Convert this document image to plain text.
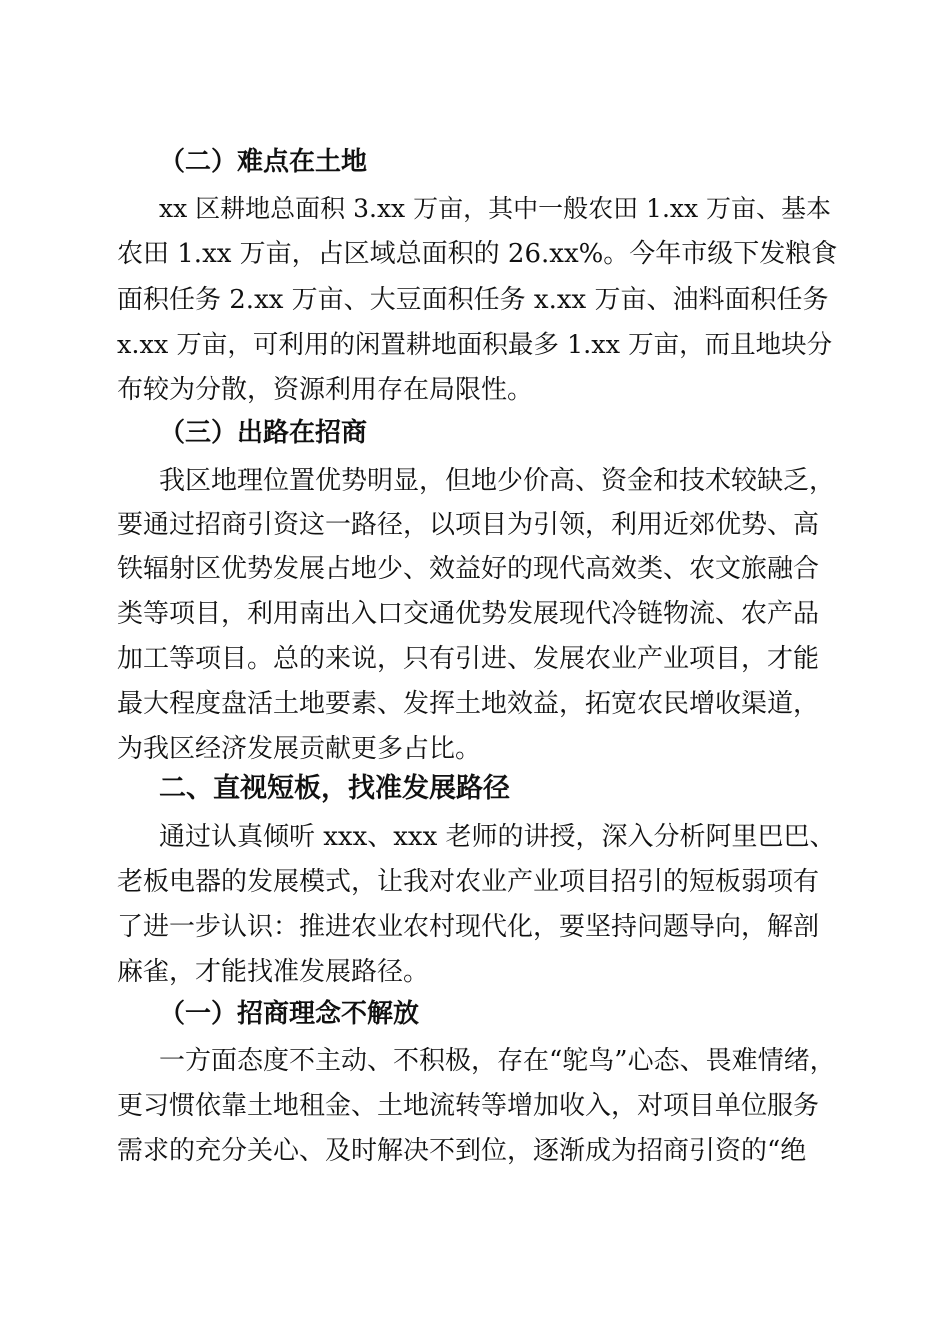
（二）难点在土地
xx 区耕地总面积 3.xx 万亩，其中一般农田 1.xx 万亩、基本
农田 1.xx 万亩，占区域总面积的 26.xx%。今年市级下发粮食
面积任务 2.xx 万亩、大豆面积任务 x.xx 万亩、油料面积任务
x.xx 万亩，可利用的闲置耕地面积最多 1.xx 万亩，而且地块分
布较为分散，资源利用存在局限性。
（三）出路在招商
我区地理位置优势明显，但地少价高、资金和技术较缺乏，
要通过招商引资这一路径，以项目为引领，利用近郊优势、高
铁辐射区优势发展占地少、效益好的现代高效类、农文旅融合
类等项目，利用南出入口交通优势发展现代冷链物流、农产品
加工等项目。总的来说，只有引进、发展农业产业项目，才能
最大程度盘活土地要素、发挥土地效益，拓宽农民增收渠道，
为我区经济发展贡献更多占比。
二、直视短板，找准发展路径
通过认真倾听 xxx、xxx 老师的讲授，深入分析阿里巴巴、
老板电器的发展模式，让我对农业产业项目招引的短板弱项有
了进一步认识：推进农业农村现代化，要坚持问题导向，解剖
麻雀，才能找准发展路径。
（一）招商理念不解放
一方面态度不主动、不积极，存在“鸵鸟”心态、畏难情绪，
更习惯依靠土地租金、土地流转等增加收入，对项目单位服务
需求的充分关心、及时解决不到位，逐渐成为招商引资的“绝
